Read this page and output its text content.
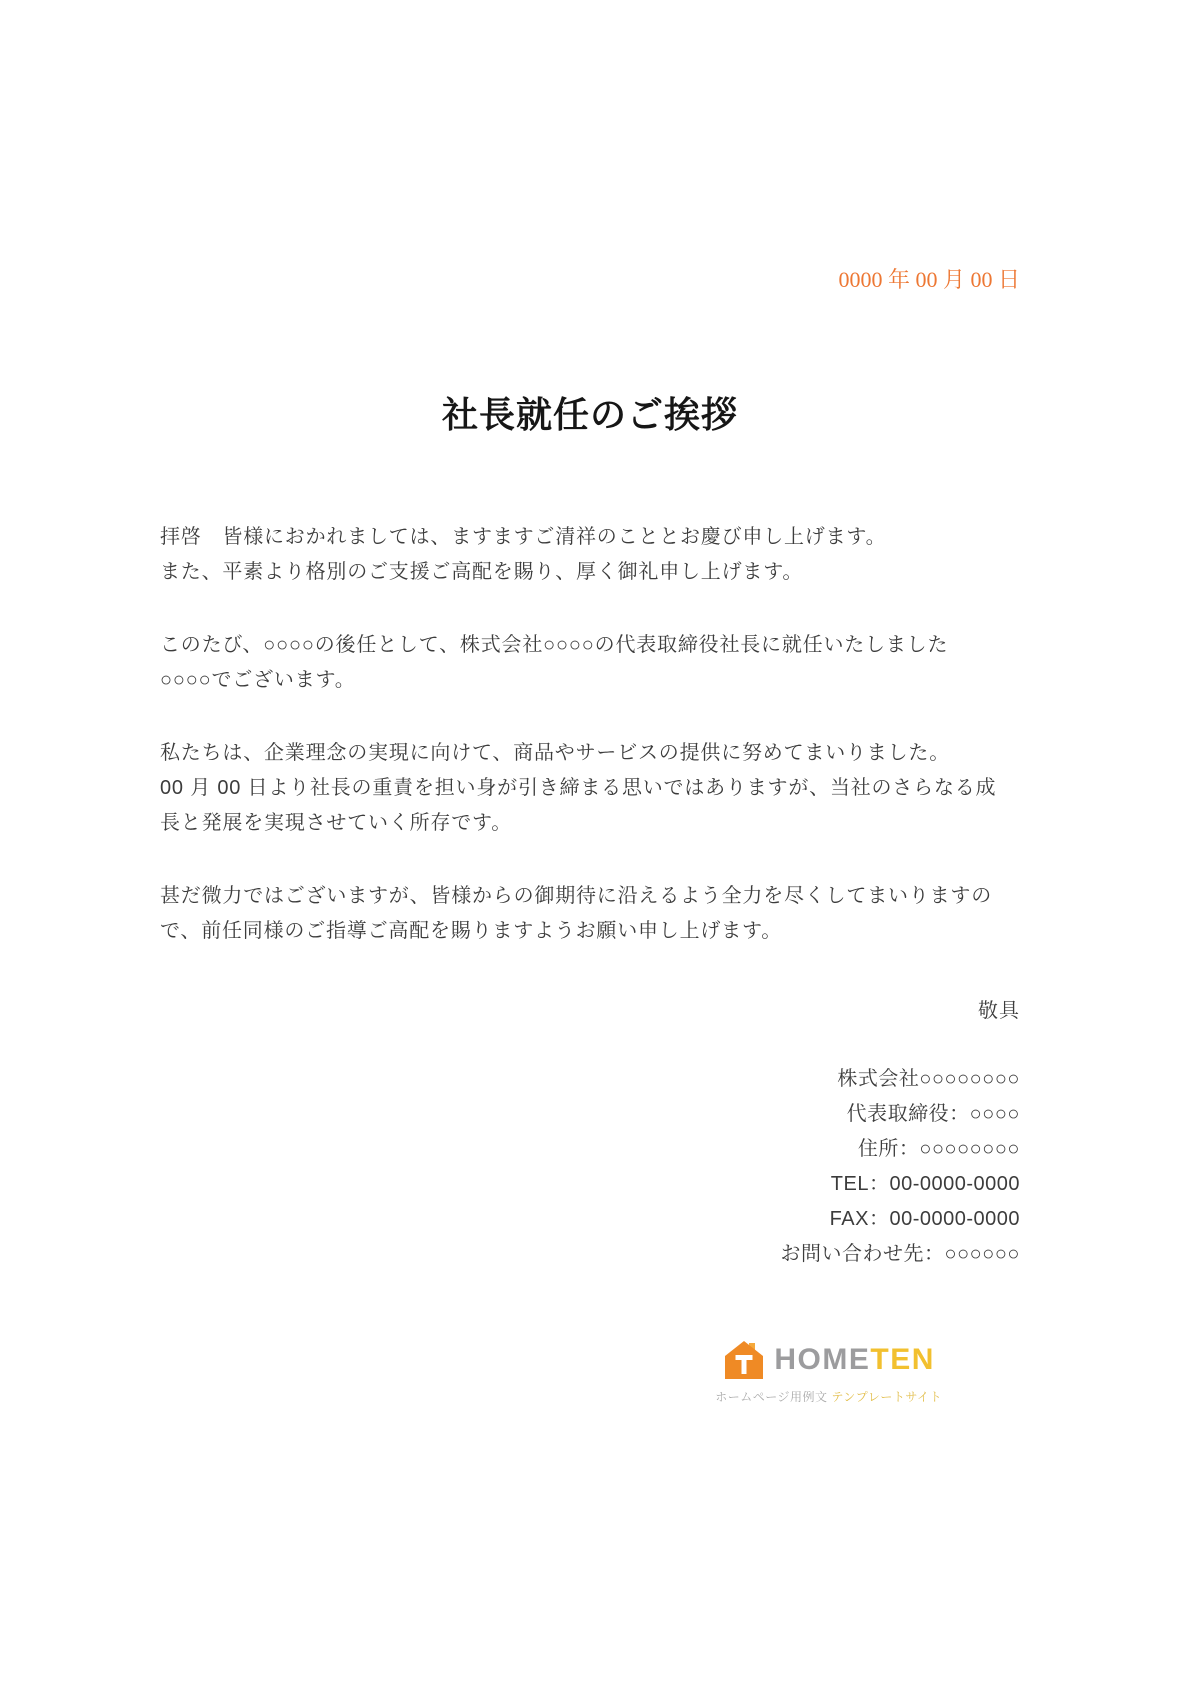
0000 年 00 月 00 日
社長就任のご挨拶

拝啓　皆様におかれましては、ますますご清祥のこととお慶び申し上げます。
また、平素より格別のご支援ご高配を賜り、厚く御礼申し上げます。

このたび、○○○○の後任として、株式会社○○○○の代表取締役社長に就任いたしました
○○○○でございます。

私たちは、企業理念の実現に向けて、商品やサービスの提供に努めてまいりました。
00 月 00 日より社長の重責を担い身が引き締まる思いではありますが、当社のさらなる成
長と発展を実現させていく所存です。

甚だ微力ではございますが、皆様からの御期待に沿えるよう全力を尽くしてまいりますの
で、前任同様のご指導ご高配を賜りますようお願い申し上げます。

敬具
株式会社○○○○○○○○
代表取締役：○○○○
住所：○○○○○○○○
TEL：00-0000-0000
FAX：00-0000-0000
お問い合わせ先：○○○○○○
HOMETEN
ホームページ用例文 テンプレートサイト
